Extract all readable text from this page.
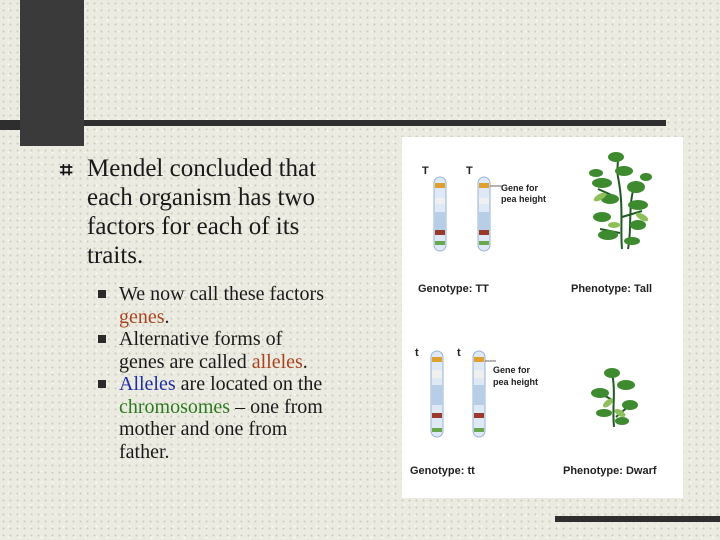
⌗ Mendel concluded that
each organism has two
factors for each of its
traits.
We now call these factors
genes.
Alternative forms of
genes are called alleles.
Alleles are located on the
chromosomes – one from
mother and one from
father.
T	T
Gene for
pea height
Genotype: TT	Phenotype: Tall
t	t
Gene for
pea height
Genotype: tt	Phenotype: Dwarf
